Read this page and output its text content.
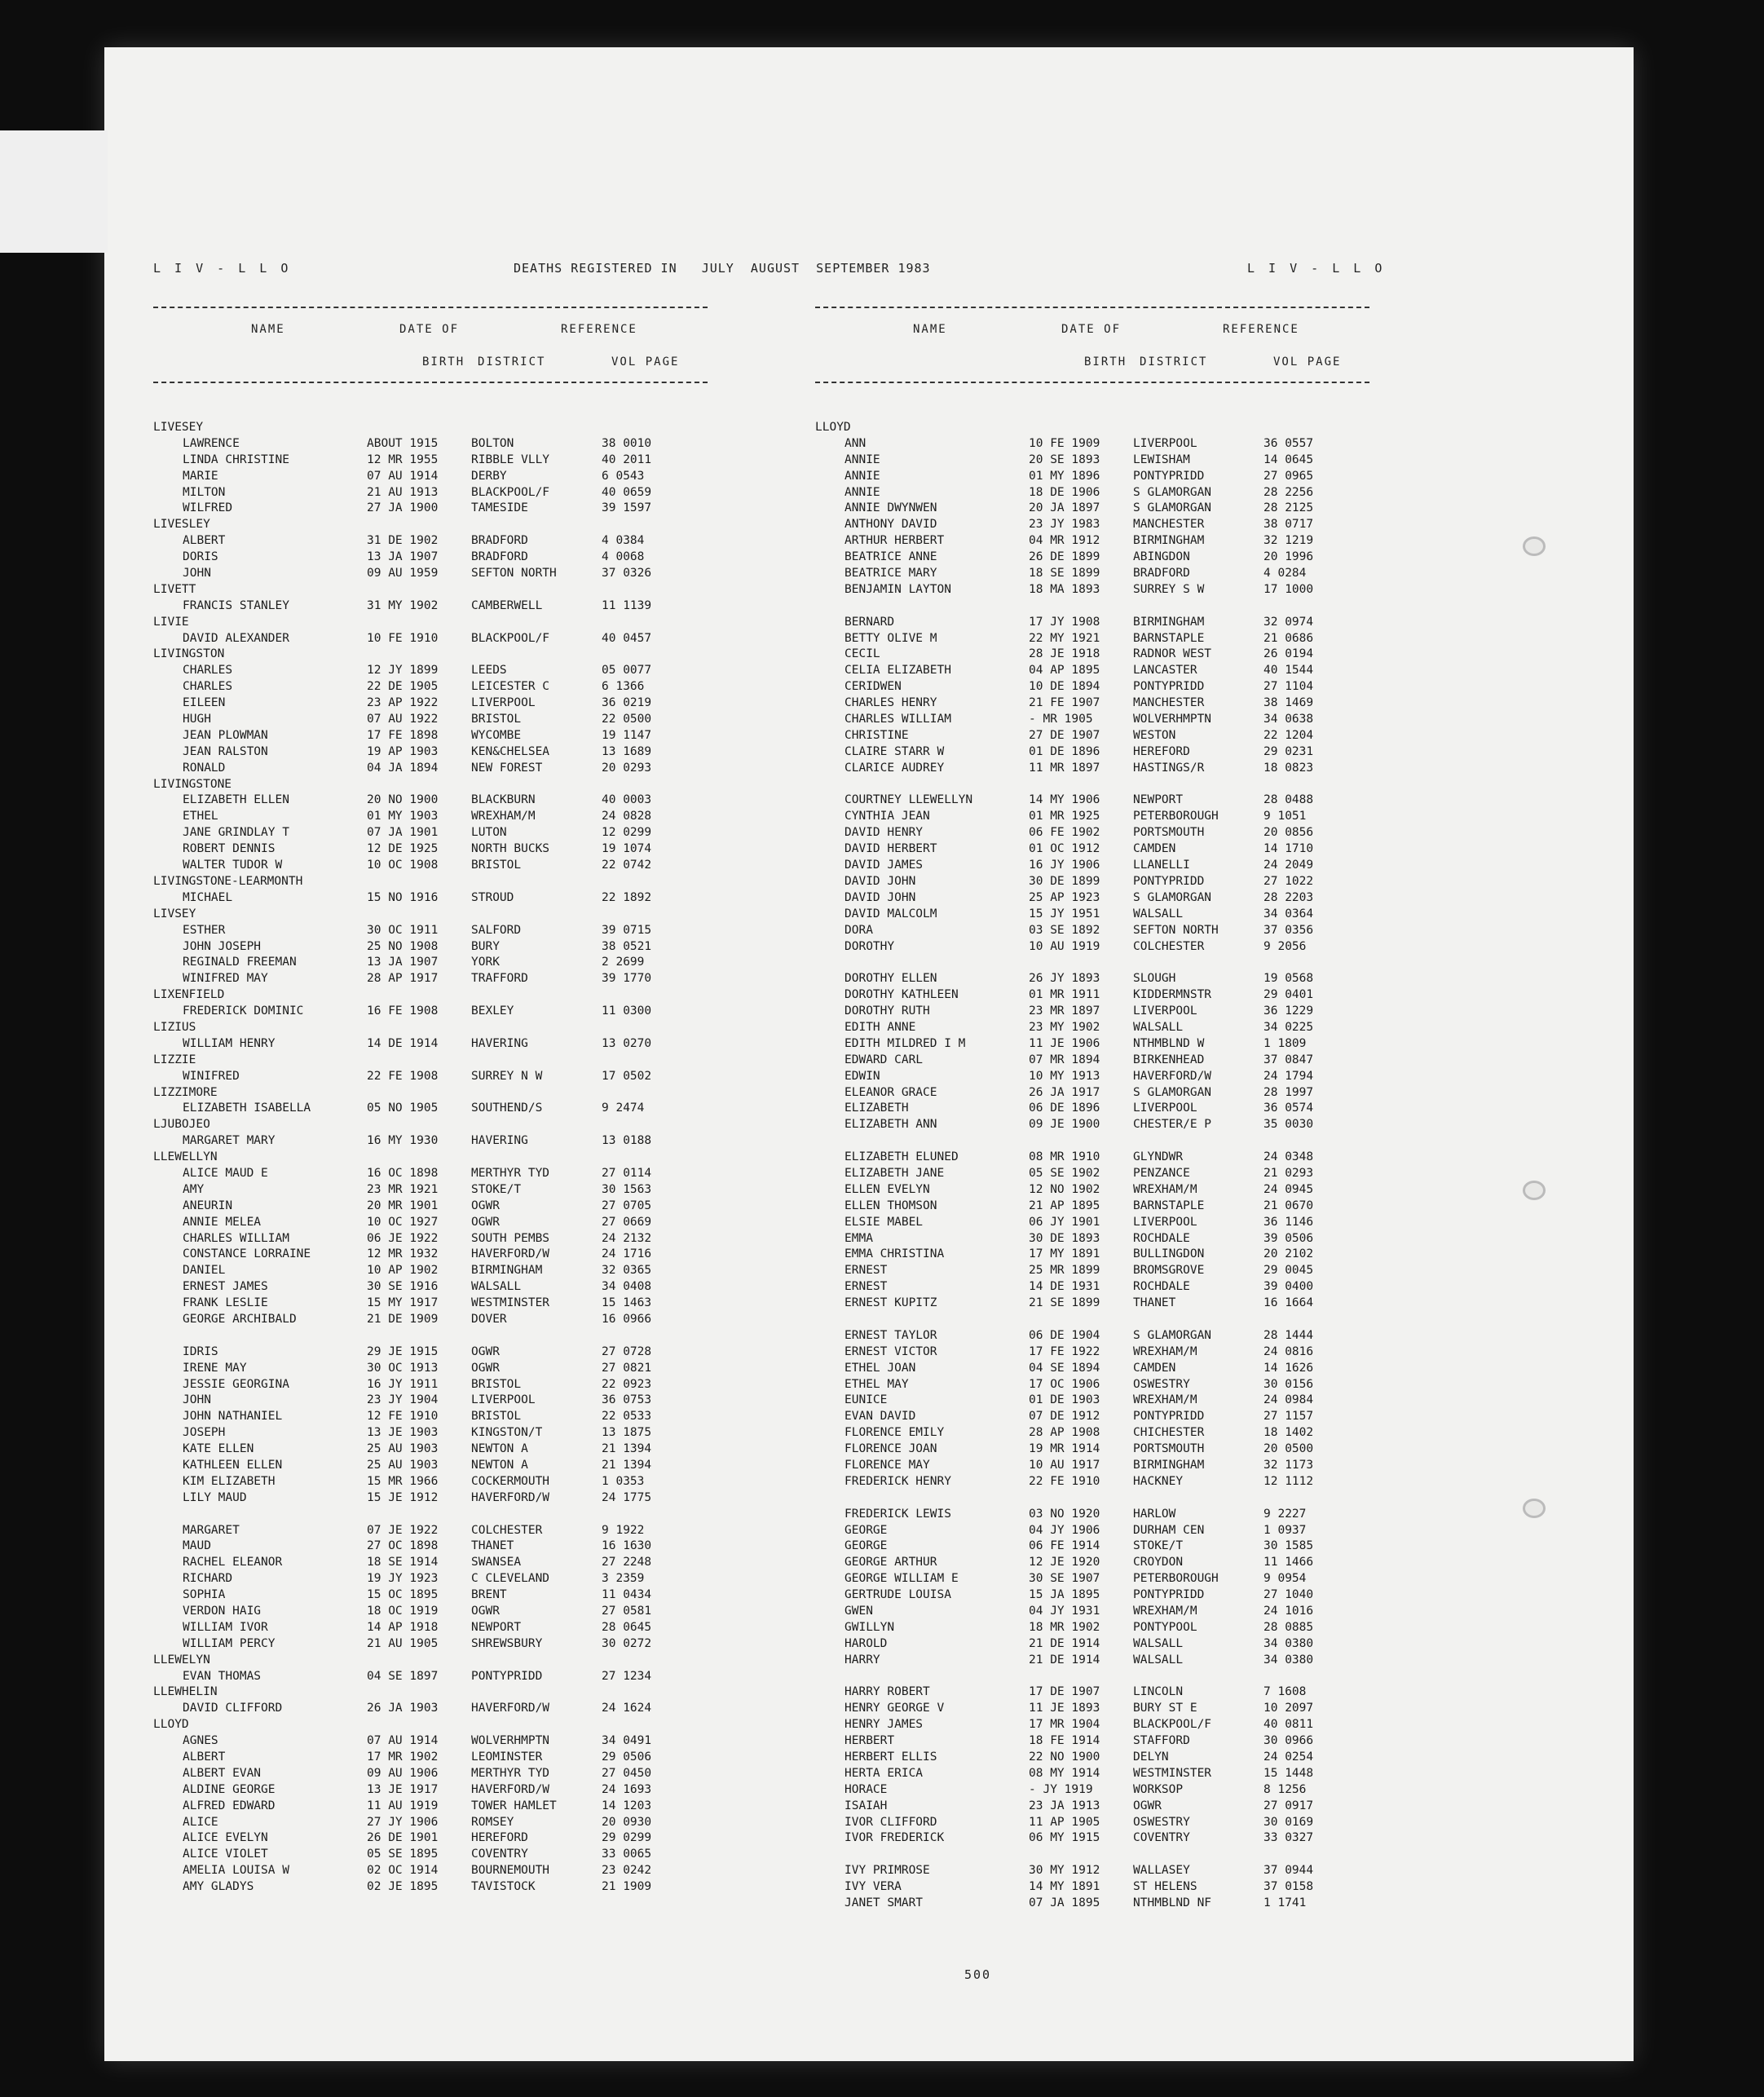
L I V - L L O	DEATHS REGISTERED IN   JULY  AUGUST  SEPTEMBER 1983	L I V - L L O
NAME	DATE OF
BIRTH
REFERENCE
DISTRICT	VOL PAGE
LIVESEY
LAWRENCE	ABOUT 1915	BOLTON	38 0010
LINDA CHRISTINE	12 MR 1955	RIBBLE VLLY	40 2011
MARIE	07 AU 1914	DERBY	6 0543
MILTON	21 AU 1913	BLACKPOOL/F	40 0659
WILFRED	27 JA 1900	TAMESIDE	39 1597
LIVESLEY
ALBERT	31 DE 1902	BRADFORD	4 0384
DORIS	13 JA 1907	BRADFORD	4 0068
JOHN	09 AU 1959	SEFTON NORTH	37 0326
LIVETT
FRANCIS STANLEY	31 MY 1902	CAMBERWELL	11 1139
LIVIE
DAVID ALEXANDER	10 FE 1910	BLACKPOOL/F	40 0457
LIVINGSTON
CHARLES	12 JY 1899	LEEDS	05 0077
CHARLES	22 DE 1905	LEICESTER C	6 1366
EILEEN	23 AP 1922	LIVERPOOL	36 0219
HUGH	07 AU 1922	BRISTOL	22 0500
JEAN PLOWMAN	17 FE 1898	WYCOMBE	19 1147
JEAN RALSTON	19 AP 1903	KEN&CHELSEA	13 1689
RONALD	04 JA 1894	NEW FOREST	20 0293
LIVINGSTONE
ELIZABETH ELLEN	20 NO 1900	BLACKBURN	40 0003
ETHEL	01 MY 1903	WREXHAM/M	24 0828
JANE GRINDLAY T	07 JA 1901	LUTON	12 0299
ROBERT DENNIS	12 DE 1925	NORTH BUCKS	19 1074
WALTER TUDOR W	10 OC 1908	BRISTOL	22 0742
LIVINGSTONE-LEARMONTH
MICHAEL	15 NO 1916	STROUD	22 1892
LIVSEY
ESTHER	30 OC 1911	SALFORD	39 0715
JOHN JOSEPH	25 NO 1908	BURY	38 0521
REGINALD FREEMAN	13 JA 1907	YORK	2 2699
WINIFRED MAY	28 AP 1917	TRAFFORD	39 1770
LIXENFIELD
FREDERICK DOMINIC	16 FE 1908	BEXLEY	11 0300
LIZIUS
WILLIAM HENRY	14 DE 1914	HAVERING	13 0270
LIZZIE
WINIFRED	22 FE 1908	SURREY N W	17 0502
LIZZIMORE
ELIZABETH ISABELLA	05 NO 1905	SOUTHEND/S	9 2474
LJUBOJEO
MARGARET MARY	16 MY 1930	HAVERING	13 0188
LLEWELLYN
ALICE MAUD E	16 OC 1898	MERTHYR TYD	27 0114
AMY	23 MR 1921	STOKE/T	30 1563
ANEURIN	20 MR 1901	OGWR	27 0705
ANNIE MELEA	10 OC 1927	OGWR	27 0669
CHARLES WILLIAM	06 JE 1922	SOUTH PEMBS	24 2132
CONSTANCE LORRAINE	12 MR 1932	HAVERFORD/W	24 1716
DANIEL	10 AP 1902	BIRMINGHAM	32 0365
ERNEST JAMES	30 SE 1916	WALSALL	34 0408
FRANK LESLIE	15 MY 1917	WESTMINSTER	15 1463
GEORGE ARCHIBALD	21 DE 1909	DOVER	16 0966
IDRIS	29 JE 1915	OGWR	27 0728
IRENE MAY	30 OC 1913	OGWR	27 0821
JESSIE GEORGINA	16 JY 1911	BRISTOL	22 0923
JOHN	23 JY 1904	LIVERPOOL	36 0753
JOHN NATHANIEL	12 FE 1910	BRISTOL	22 0533
JOSEPH	13 JE 1903	KINGSTON/T	13 1875
KATE ELLEN	25 AU 1903	NEWTON A	21 1394
KATHLEEN ELLEN	25 AU 1903	NEWTON A	21 1394
KIM ELIZABETH	15 MR 1966	COCKERMOUTH	1 0353
LILY MAUD	15 JE 1912	HAVERFORD/W	24 1775
MARGARET	07 JE 1922	COLCHESTER	9 1922
MAUD	27 OC 1898	THANET	16 1630
RACHEL ELEANOR	18 SE 1914	SWANSEA	27 2248
RICHARD	19 JY 1923	C CLEVELAND	3 2359
SOPHIA	15 OC 1895	BRENT	11 0434
VERDON HAIG	18 OC 1919	OGWR	27 0581
WILLIAM IVOR	14 AP 1918	NEWPORT	28 0645
WILLIAM PERCY	21 AU 1905	SHREWSBURY	30 0272
LLEWELYN
EVAN THOMAS	04 SE 1897	PONTYPRIDD	27 1234
LLEWHELIN
DAVID CLIFFORD	26 JA 1903	HAVERFORD/W	24 1624
LLOYD
AGNES	07 AU 1914	WOLVERHMPTN	34 0491
ALBERT	17 MR 1902	LEOMINSTER	29 0506
ALBERT EVAN	09 AU 1906	MERTHYR TYD	27 0450
ALDINE GEORGE	13 JE 1917	HAVERFORD/W	24 1693
ALFRED EDWARD	11 AU 1919	TOWER HAMLET	14 1203
ALICE	27 JY 1906	ROMSEY	20 0930
ALICE EVELYN	26 DE 1901	HEREFORD	29 0299
ALICE VIOLET	05 SE 1895	COVENTRY	33 0065
AMELIA LOUISA W	02 OC 1914	BOURNEMOUTH	23 0242
AMY GLADYS	02 JE 1895	TAVISTOCK	21 1909
NAME	DATE OF
BIRTH
REFERENCE
DISTRICT	VOL PAGE
LLOYD
ANN	10 FE 1909	LIVERPOOL	36 0557
ANNIE	20 SE 1893	LEWISHAM	14 0645
ANNIE	01 MY 1896	PONTYPRIDD	27 0965
ANNIE	18 DE 1906	S GLAMORGAN	28 2256
ANNIE DWYNWEN	20 JA 1897	S GLAMORGAN	28 2125
ANTHONY DAVID	23 JY 1983	MANCHESTER	38 0717
ARTHUR HERBERT	04 MR 1912	BIRMINGHAM	32 1219
BEATRICE ANNE	26 DE 1899	ABINGDON	20 1996
BEATRICE MARY	18 SE 1899	BRADFORD	4 0284
BENJAMIN LAYTON	18 MA 1893	SURREY S W	17 1000
BERNARD	17 JY 1908	BIRMINGHAM	32 0974
BETTY OLIVE M	22 MY 1921	BARNSTAPLE	21 0686
CECIL	28 JE 1918	RADNOR WEST	26 0194
CELIA ELIZABETH	04 AP 1895	LANCASTER	40 1544
CERIDWEN	10 DE 1894	PONTYPRIDD	27 1104
CHARLES HENRY	21 FE 1907	MANCHESTER	38 1469
CHARLES WILLIAM	- MR 1905	WOLVERHMPTN	34 0638
CHRISTINE	27 DE 1907	WESTON	22 1204
CLAIRE STARR W	01 DE 1896	HEREFORD	29 0231
CLARICE AUDREY	11 MR 1897	HASTINGS/R	18 0823
COURTNEY LLEWELLYN	14 MY 1906	NEWPORT	28 0488
CYNTHIA JEAN	01 MR 1925	PETERBOROUGH	9 1051
DAVID HENRY	06 FE 1902	PORTSMOUTH	20 0856
DAVID HERBERT	01 OC 1912	CAMDEN	14 1710
DAVID JAMES	16 JY 1906	LLANELLI	24 2049
DAVID JOHN	30 DE 1899	PONTYPRIDD	27 1022
DAVID JOHN	25 AP 1923	S GLAMORGAN	28 2203
DAVID MALCOLM	15 JY 1951	WALSALL	34 0364
DORA	03 SE 1892	SEFTON NORTH	37 0356
DOROTHY	10 AU 1919	COLCHESTER	9 2056
DOROTHY ELLEN	26 JY 1893	SLOUGH	19 0568
DOROTHY KATHLEEN	01 MR 1911	KIDDERMNSTR	29 0401
DOROTHY RUTH	23 MR 1897	LIVERPOOL	36 1229
EDITH ANNE	23 MY 1902	WALSALL	34 0225
EDITH MILDRED I M	11 JE 1906	NTHMBLND W	1 1809
EDWARD CARL	07 MR 1894	BIRKENHEAD	37 0847
EDWIN	10 MY 1913	HAVERFORD/W	24 1794
ELEANOR GRACE	26 JA 1917	S GLAMORGAN	28 1997
ELIZABETH	06 DE 1896	LIVERPOOL	36 0574
ELIZABETH ANN	09 JE 1900	CHESTER/E P	35 0030
ELIZABETH ELUNED	08 MR 1910	GLYNDWR	24 0348
ELIZABETH JANE	05 SE 1902	PENZANCE	21 0293
ELLEN EVELYN	12 NO 1902	WREXHAM/M	24 0945
ELLEN THOMSON	21 AP 1895	BARNSTAPLE	21 0670
ELSIE MABEL	06 JY 1901	LIVERPOOL	36 1146
EMMA	30 DE 1893	ROCHDALE	39 0506
EMMA CHRISTINA	17 MY 1891	BULLINGDON	20 2102
ERNEST	25 MR 1899	BROMSGROVE	29 0045
ERNEST	14 DE 1931	ROCHDALE	39 0400
ERNEST KUPITZ	21 SE 1899	THANET	16 1664
ERNEST TAYLOR	06 DE 1904	S GLAMORGAN	28 1444
ERNEST VICTOR	17 FE 1922	WREXHAM/M	24 0816
ETHEL JOAN	04 SE 1894	CAMDEN	14 1626
ETHEL MAY	17 OC 1906	OSWESTRY	30 0156
EUNICE	01 DE 1903	WREXHAM/M	24 0984
EVAN DAVID	07 DE 1912	PONTYPRIDD	27 1157
FLORENCE EMILY	28 AP 1908	CHICHESTER	18 1402
FLORENCE JOAN	19 MR 1914	PORTSMOUTH	20 0500
FLORENCE MAY	10 AU 1917	BIRMINGHAM	32 1173
FREDERICK HENRY	22 FE 1910	HACKNEY	12 1112
FREDERICK LEWIS	03 NO 1920	HARLOW	9 2227
GEORGE	04 JY 1906	DURHAM CEN	1 0937
GEORGE	06 FE 1914	STOKE/T	30 1585
GEORGE ARTHUR	12 JE 1920	CROYDON	11 1466
GEORGE WILLIAM E	30 SE 1907	PETERBOROUGH	9 0954
GERTRUDE LOUISA	15 JA 1895	PONTYPRIDD	27 1040
GWEN	04 JY 1931	WREXHAM/M	24 1016
GWILLYN	18 MR 1902	PONTYPOOL	28 0885
HAROLD	21 DE 1914	WALSALL	34 0380
HARRY	21 DE 1914	WALSALL	34 0380
HARRY ROBERT	17 DE 1907	LINCOLN	7 1608
HENRY GEORGE V	11 JE 1893	BURY ST E	10 2097
HENRY JAMES	17 MR 1904	BLACKPOOL/F	40 0811
HERBERT	18 FE 1914	STAFFORD	30 0966
HERBERT ELLIS	22 NO 1900	DELYN	24 0254
HERTA ERICA	08 MY 1914	WESTMINSTER	15 1448
HORACE	- JY 1919	WORKSOP	8 1256
ISAIAH	23 JA 1913	OGWR	27 0917
IVOR CLIFFORD	11 AP 1905	OSWESTRY	30 0169
IVOR FREDERICK	06 MY 1915	COVENTRY	33 0327
IVY PRIMROSE	30 MY 1912	WALLASEY	37 0944
IVY VERA	14 MY 1891	ST HELENS	37 0158
JANET SMART	07 JA 1895	NTHMBLND NF	1 1741
500
